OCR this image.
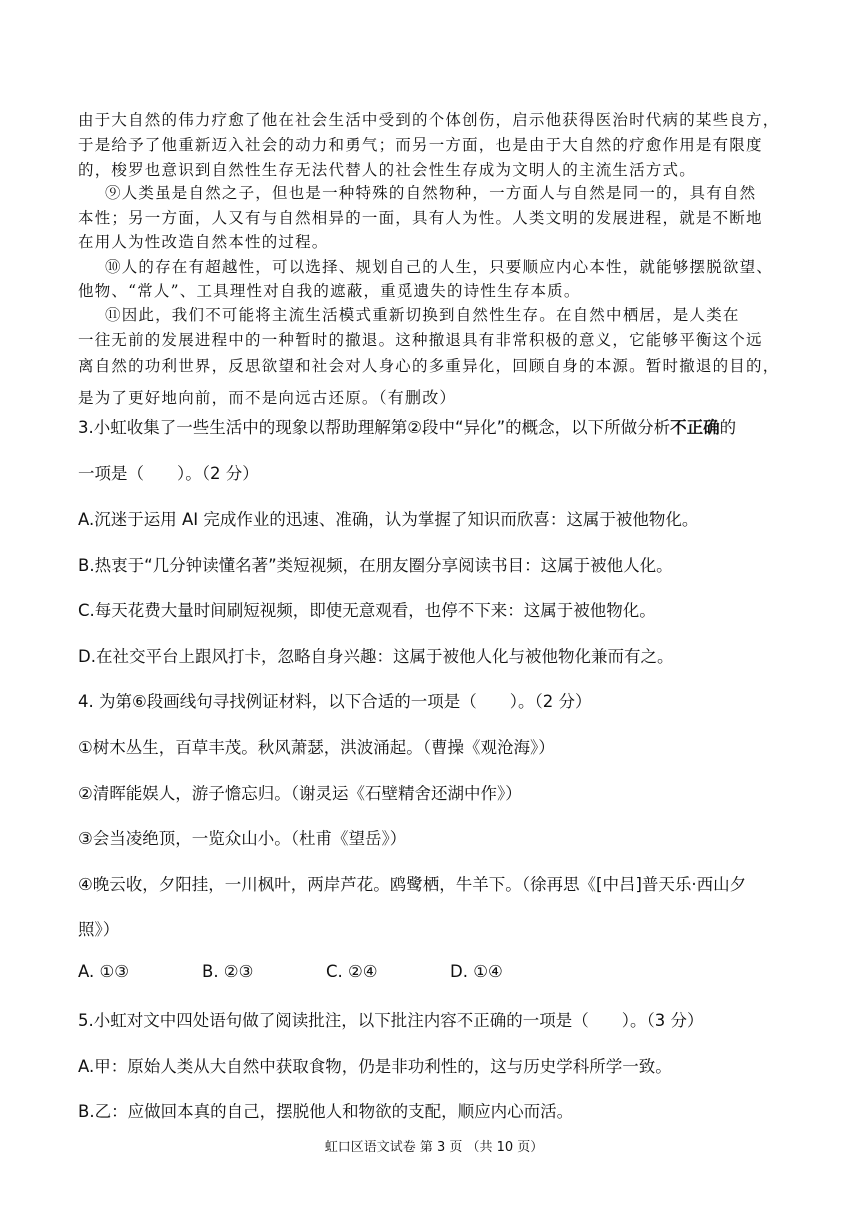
由于大自然的伟力疗愈了他在社会生活中受到的个体创伤，启示他获得医治时代病的某些良方，
于是给予了他重新迈入社会的动力和勇气；而另一方面，也是由于大自然的疗愈作用是有限度
的，梭罗也意识到自然性生存无法代替人的社会性生存成为文明人的主流生活方式。
⑨人类虽是自然之子，但也是一种特殊的自然物种，一方面人与自然是同一的，具有自然
本性；另一方面，人又有与自然相异的一面，具有人为性。人类文明的发展进程，就是不断地
在用人为性改造自然本性的过程。
⑩人的存在有超越性，可以选择、规划自己的人生，只要顺应内心本性，就能够摆脱欲望、
他物、“常人”、工具理性对自我的遮蔽，重觅遗失的诗性生存本质。
⑪因此，我们不可能将主流生活模式重新切换到自然性生存。在自然中栖居，是人类在
一往无前的发展进程中的一种暂时的撤退。这种撤退具有非常积极的意义，它能够平衡这个远
离自然的功利世界，反思欲望和社会对人身心的多重异化，回顾自身的本源。暂时撤退的目的，
是为了更好地向前，而不是向远古还原。（有删改）
3.小虹收集了一些生活中的现象以帮助理解第②段中“异化”的概念，以下所做分析不正确的
一项是（　　）。（2 分）
A.沉迷于运用 AI 完成作业的迅速、准确，认为掌握了知识而欣喜：这属于被他物化。
B.热衷于“几分钟读懂名著”类短视频，在朋友圈分享阅读书目：这属于被他人化。
C.每天花费大量时间刷短视频，即使无意观看，也停不下来：这属于被他物化。
D.在社交平台上跟风打卡，忽略自身兴趣：这属于被他人化与被他物化兼而有之。
4. 为第⑥段画线句寻找例证材料，以下合适的一项是（　　）。（2 分）
①树木丛生，百草丰茂。秋风萧瑟，洪波涌起。（曹操《观沧海》）
②清晖能娱人，游子憺忘归。（谢灵运《石壁精舍还湖中作》）
③会当凌绝顶，一览众山小。（杜甫《望岳》）
④晚云收，夕阳挂，一川枫叶，两岸芦花。鸥鹭栖，牛羊下。（徐再思《[中吕]普天乐·西山夕
照》）
A. ①③	B. ②③	C. ②④	D. ①④
5.小虹对文中四处语句做了阅读批注，以下批注内容不正确的一项是（　　）。（3 分）
A.甲：原始人类从大自然中获取食物，仍是非功利性的，这与历史学科所学一致。
B.乙：应做回本真的自己，摆脱他人和物欲的支配，顺应内心而活。
虹口区语文试卷 第 3 页 （共 10 页）
